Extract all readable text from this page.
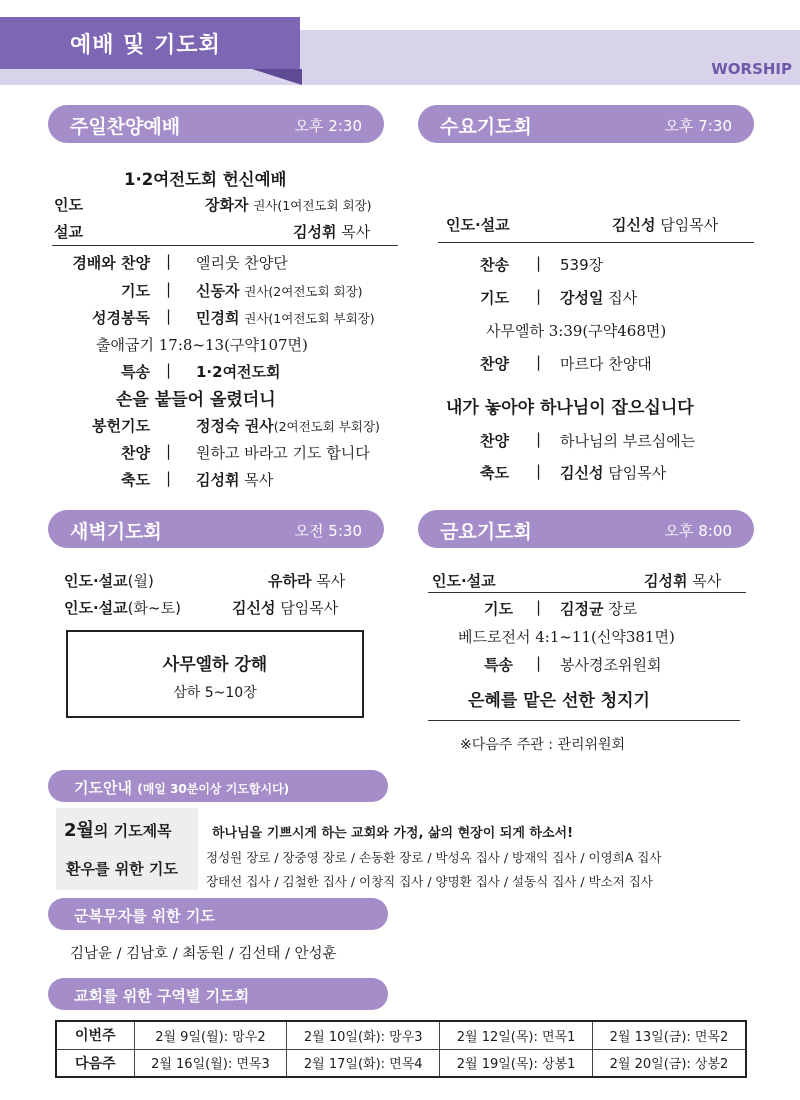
예배 및 기도회
WORSHIP
주일찬양예배	오후 2:30
1·2여전도회 헌신예배
인도	장화자 권사(1여전도회 회장)
설교	김성휘 목사
경배와 찬양 | 엘리웃 찬양단
기도 | 신동자 권사(2여전도회 회장)
성경봉독 | 민경희 권사(1여전도회 부회장)
출애굽기 17:8~13(구약107면)
특송 | 1·2여전도회
손을 붙들어 올렸더니
봉헌기도	정정숙 권사(2여전도회 부회장)
찬양 | 원하고 바라고 기도 합니다
축도 | 김성휘 목사
수요기도회	오후 7:30
인도·설교	김신성 담임목사
찬송 | 539장
기도 | 강성일 집사
사무엘하 3:39(구약468면)
찬양 | 마르다 찬양대
내가 놓아야 하나님이 잡으십니다
찬양 | 하나님의 부르심에는
축도 | 김신성 담임목사
새벽기도회	오전 5:30
인도·설교(월)	유하라 목사
인도·설교(화~토)	김신성 담임목사
사무엘하 강해
삼하 5~10장
금요기도회	오후 8:00
인도·설교	김성휘 목사
기도 | 김정균 장로
베드로전서 4:1~11(신약381면)
특송 | 봉사경조위원회
은혜를 맡은 선한 청지기
※다음주 주관 : 관리위원회
기도안내 (매일 30분이상 기도합시다)
2월의 기도제목	하나님을 기쁘시게 하는 교회와 가정, 삶의 현장이 되게 하소서!
환우를 위한 기도
정성원 장로 / 장중영 장로 / 손동환 장로 / 박성옥 집사 / 방재익 집사 / 이영희A 집사
장태선 집사 / 김철한 집사 / 이창직 집사 / 양명환 집사 / 설동식 집사 / 박소저 집사
군복무자를 위한 기도
김남윤 / 김남호 / 최동원 / 김선태 / 안성훈
교회를 위한 구역별 기도회
이번주	2월 9일(월): 망우2	2월 10일(화): 망우3	2월 12일(목): 면목1	2월 13일(금): 면목2
다음주	2월 16일(월): 면목3	2월 17일(화): 면목4	2월 19일(목): 상봉1	2월 20일(금): 상봉2
